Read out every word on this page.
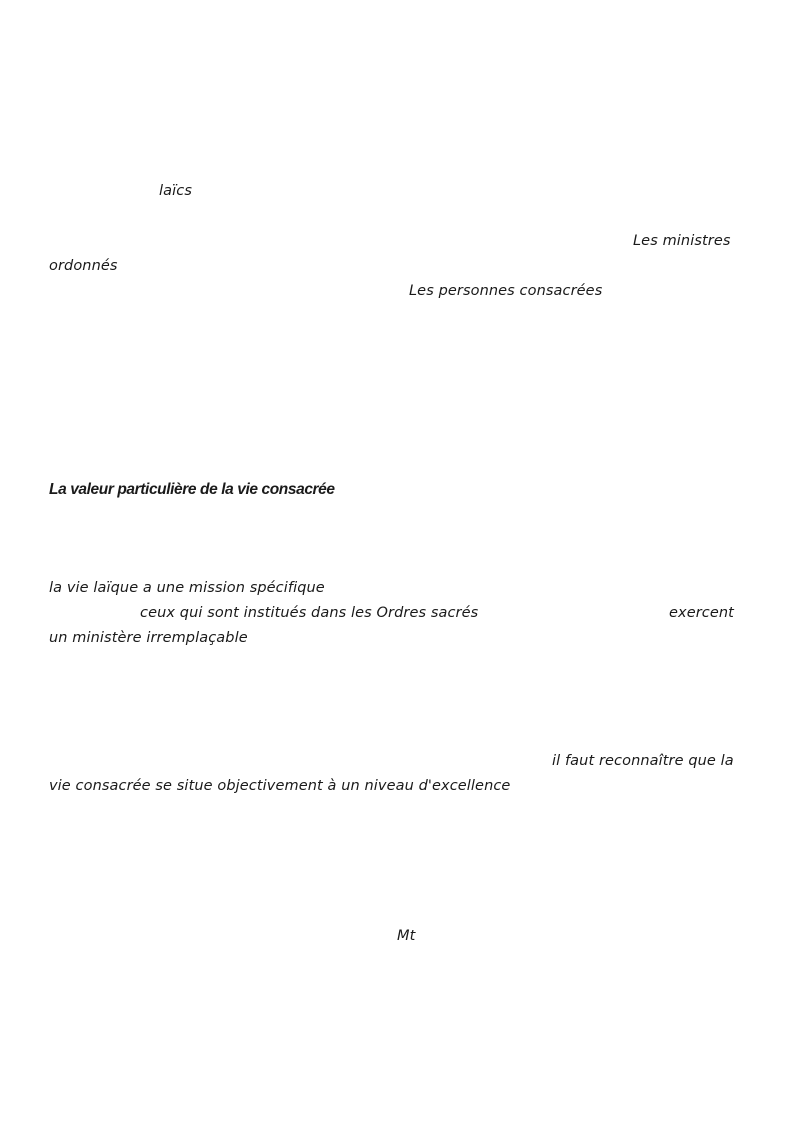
laïcs
Les ministres
ordonnés
Les personnes consacrées
La valeur particulière de la vie consacrée
la vie laïque a une mission spécifique
ceux qui sont institués dans les Ordres sacrés	exercent
un ministère irremplaçable
il faut reconnaître que la
vie consacrée se situe objectivement à un niveau d'excellence
Mt
